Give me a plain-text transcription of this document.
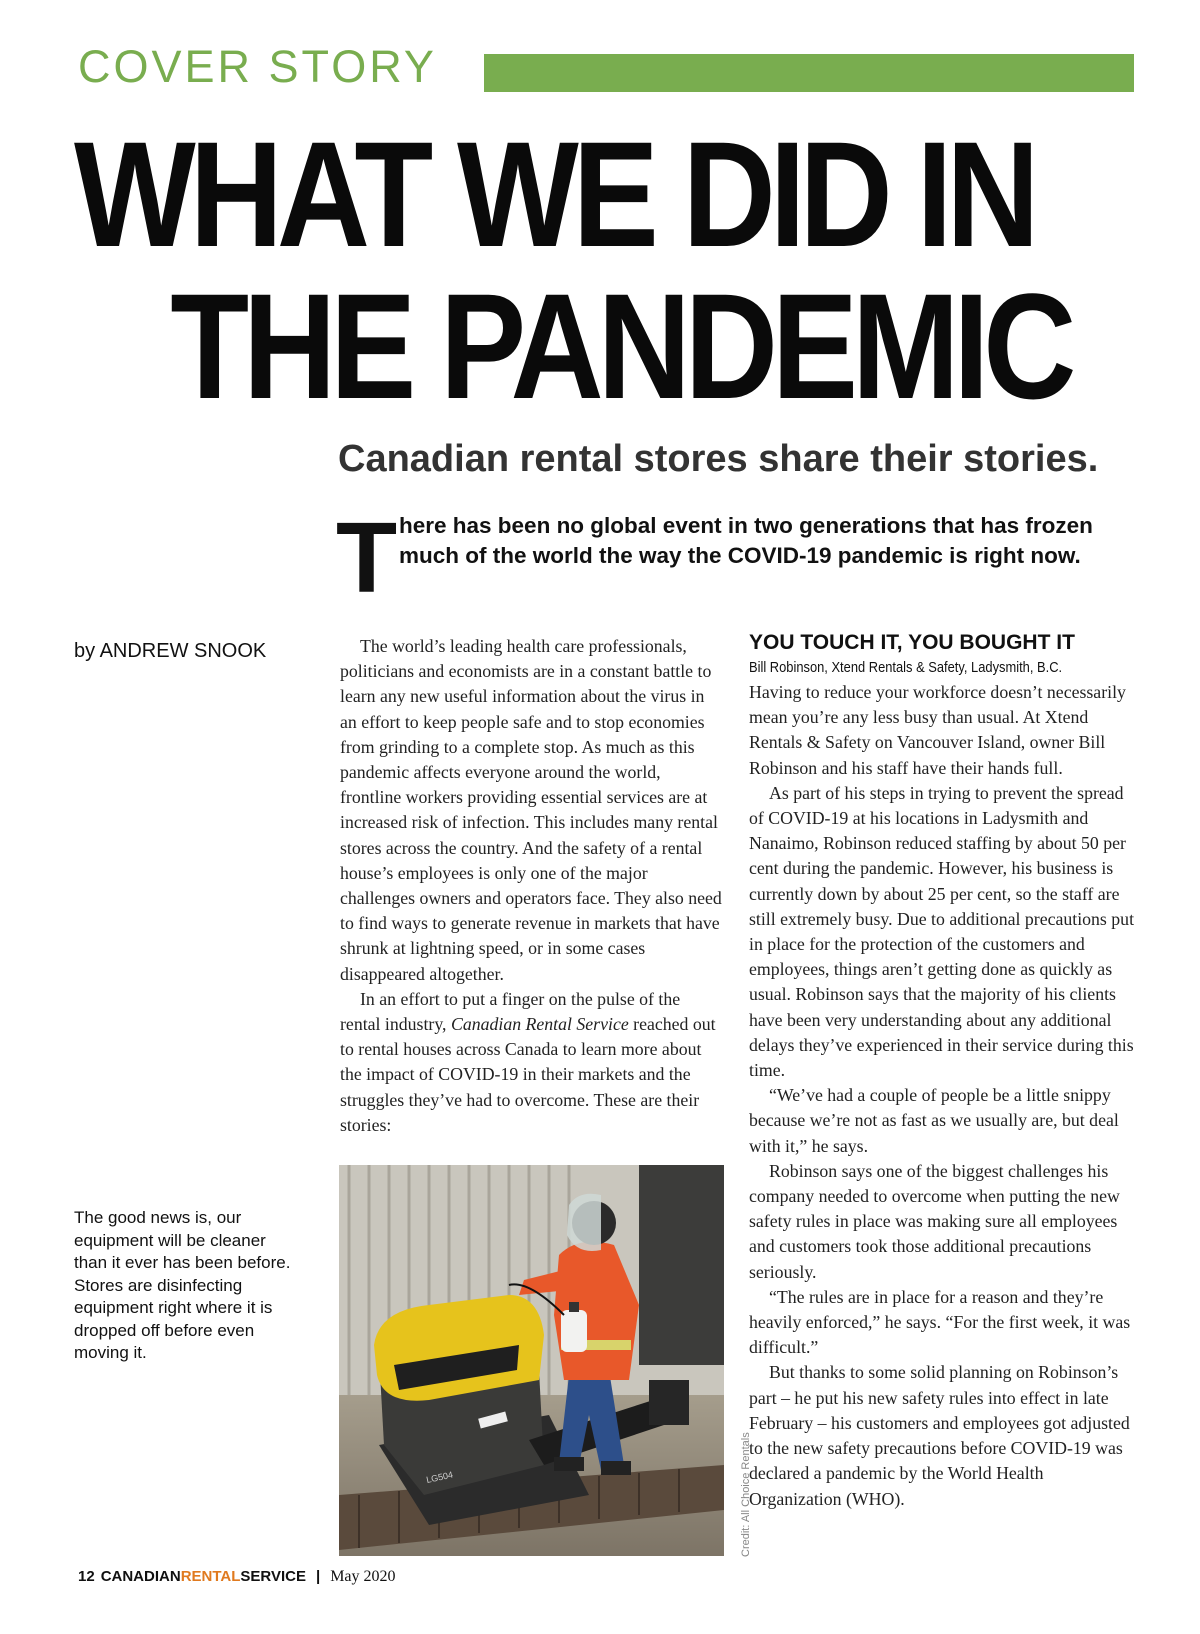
COVER STORY
WHAT WE DID IN
THE PANDEMIC
Canadian rental stores share their stories.
T here has been no global event in two generations that has frozen much of the world the way the COVID-19 pandemic is right now.
by ANDREW SNOOK
The good news is, our equipment will be cleaner than it ever has been before. Stores are disinfecting equipment right where it is dropped off before even moving it.

The world’s leading health care professionals, politicians and economists are in a constant battle to learn any new useful information about the virus in an effort to keep people safe and to stop economies from grinding to a complete stop. As much as this pandemic affects everyone around the world, frontline workers providing essential services are at increased risk of infection. This includes many rental stores across the country. And the safety of a rental house’s employees is only one of the major challenges owners and operators face. They also need to find ways to generate revenue in markets that have shrunk at lightning speed, or in some cases disappeared altogether.

In an effort to put a finger on the pulse of the rental industry, Canadian Rental Service reached out to rental houses across Canada to learn more about the impact of COVID-19 in their markets and the struggles they’ve had to overcome. These are their stories:

LG504	Credit: All Choice Rentals

YOU TOUCH IT, YOU BOUGHT IT

Bill Robinson, Xtend Rentals & Safety, Ladysmith, B.C.

Having to reduce your workforce doesn’t necessarily mean you’re any less busy than usual. At Xtend Rentals & Safety on Vancouver Island, owner Bill Robinson and his staff have their hands full.

As part of his steps in trying to prevent the spread of COVID-19 at his locations in Ladysmith and Nanaimo, Robinson reduced staffing by about 50 per cent during the pandemic. However, his business is currently down by about 25 per cent, so the staff are still extremely busy. Due to additional precautions put in place for the protection of the customers and employees, things aren’t getting done as quickly as usual. Robinson says that the majority of his clients have been very understanding about any additional delays they’ve experienced in their service during this time.

“We’ve had a couple of people be a little snippy because we’re not as fast as we usually are, but deal with it,” he says.

Robinson says one of the biggest challenges his company needed to overcome when putting the new safety rules in place was making sure all employees and customers took those additional precautions seriously.

“The rules are in place for a reason and they’re heavily enforced,” he says. “For the first week, it was difficult.”

But thanks to some solid planning on Robinson’s part – he put his new safety rules into effect in late February – his customers and employees got adjusted to the new safety precautions before COVID-19 was declared a pandemic by the World Health Organization (WHO).

12 CANADIAN RENTAL SERVICE | May 2020
